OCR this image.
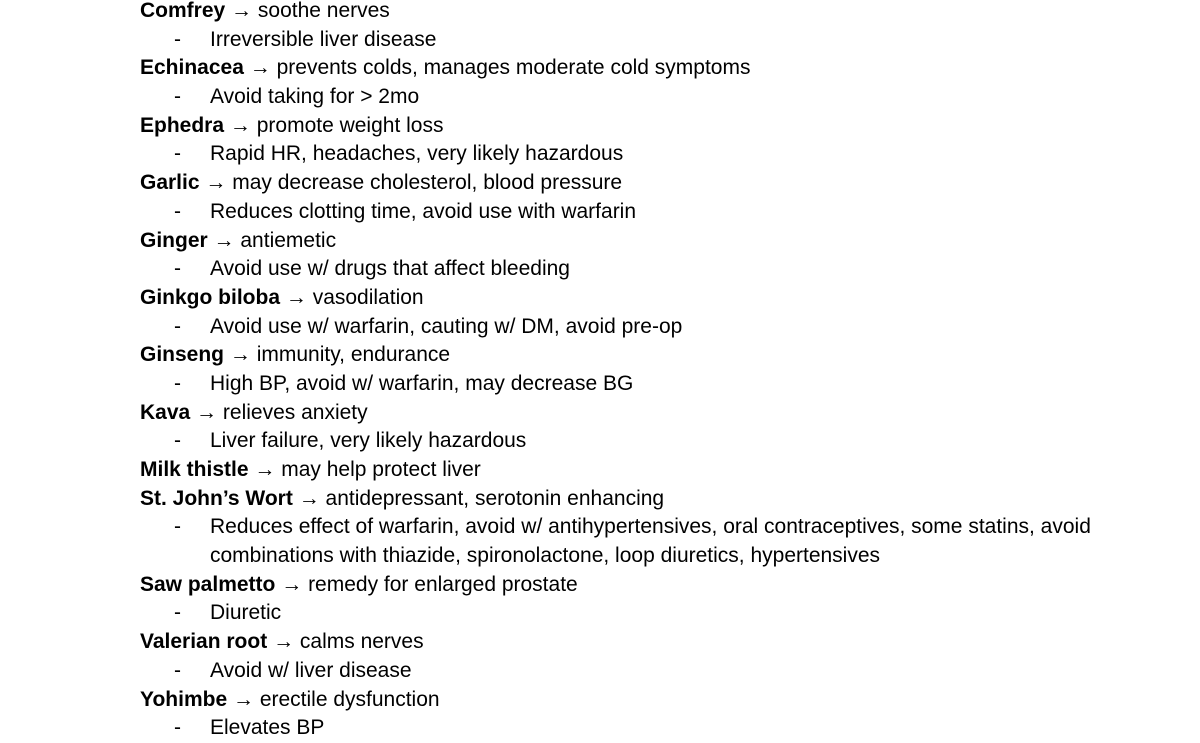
Comfrey → soothe nerves
- Irreversible liver disease
Echinacea → prevents colds, manages moderate cold symptoms
- Avoid taking for > 2mo
Ephedra → promote weight loss
- Rapid HR, headaches, very likely hazardous
Garlic → may decrease cholesterol, blood pressure
- Reduces clotting time, avoid use with warfarin
Ginger → antiemetic
- Avoid use w/ drugs that affect bleeding
Ginkgo biloba → vasodilation
- Avoid use w/ warfarin, cauting w/ DM, avoid pre-op
Ginseng → immunity, endurance
- High BP, avoid w/ warfarin, may decrease BG
Kava → relieves anxiety
- Liver failure, very likely hazardous
Milk thistle → may help protect liver
St. John’s Wort → antidepressant, serotonin enhancing
- Reduces effect of warfarin, avoid w/ antihypertensives, oral contraceptives, some statins, avoid combinations with thiazide, spironolactone, loop diuretics, hypertensives
Saw palmetto → remedy for enlarged prostate
- Diuretic
Valerian root → calms nerves
- Avoid w/ liver disease
Yohimbe → erectile dysfunction
- Elevates BP
